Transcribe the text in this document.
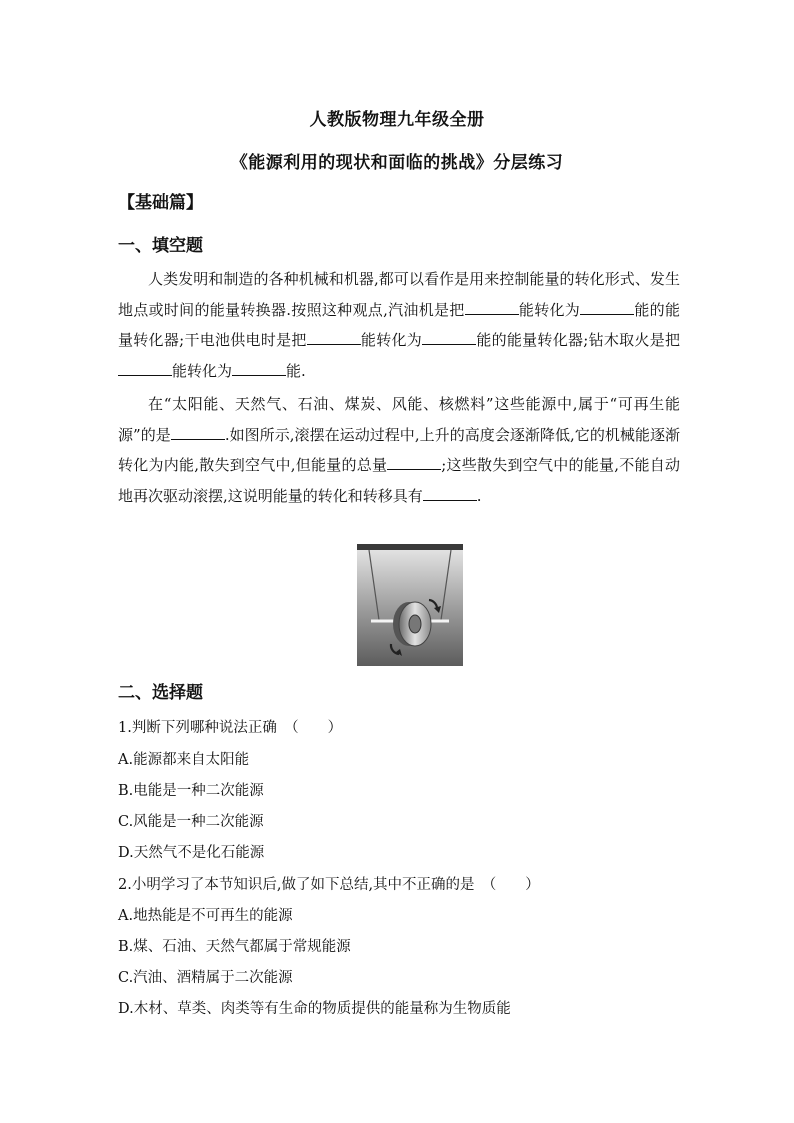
人教版物理九年级全册
《能源利用的现状和面临的挑战》分层练习
【基础篇】
一、填空题

人类发明和制造的各种机械和机器,都可以看作是用来控制能量的转化形式、发生地点或时间的能量转换器.按照这种观点,汽油机是把	能转化为	能的能量转化器;干电池供电时是把	能转化为	能的能量转化器;钻木取火是把能转化为	能.

在“太阳能、天然气、石油、煤炭、风能、核燃料”这些能源中,属于“可再生能源”的是	.如图所示,滚摆在运动过程中,上升的高度会逐渐降低,它的机械能逐渐转化为内能,散失到空气中,但能量的总量	;这些散失到空气中的能量,不能自动地再次驱动滚摆,这说明能量的转化和转移具有	.

二、选择题

1.判断下列哪种说法正确　（　　）

A.能源都来自太阳能

B.电能是一种二次能源

C.风能是一种二次能源

D.天然气不是化石能源

2.小明学习了本节知识后,做了如下总结,其中不正确的是　（　　）

A.地热能是不可再生的能源

B.煤、石油、天然气都属于常规能源

C.汽油、酒精属于二次能源

D.木材、草类、肉类等有生命的物质提供的能量称为生物质能
